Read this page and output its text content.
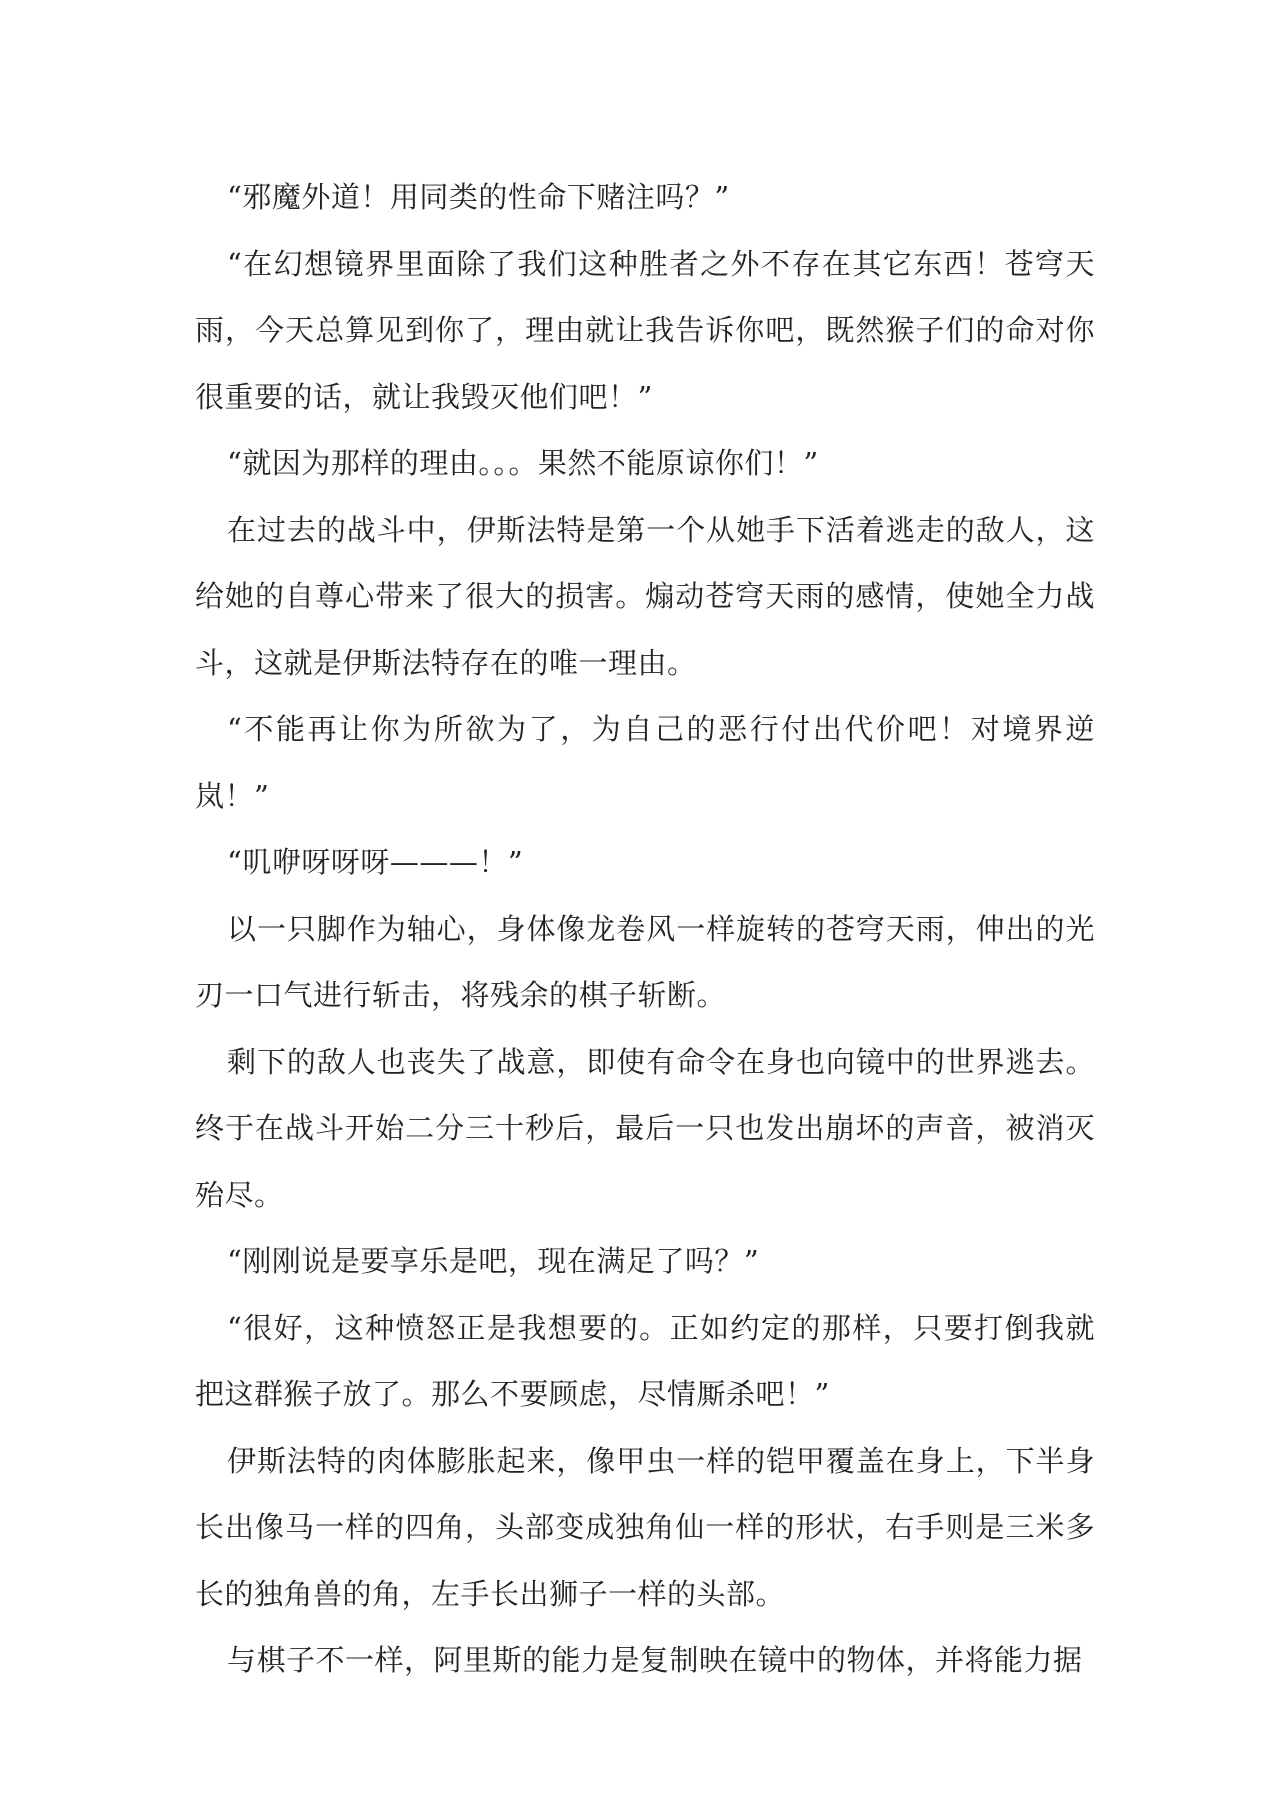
“邪魔外道！用同类的性命下赌注吗？”

“在幻想镜界里面除了我们这种胜者之外不存在其它东西！苍穹天雨，今天总算见到你了，理由就让我告诉你吧，既然猴子们的命对你很重要的话，就让我毁灭他们吧！”

“就因为那样的理由。。。果然不能原谅你们！”

在过去的战斗中，伊斯法特是第一个从她手下活着逃走的敌人，这给她的自尊心带来了很大的损害。煽动苍穹天雨的感情，使她全力战斗，这就是伊斯法特存在的唯一理由。

“不能再让你为所欲为了，为自己的恶行付出代价吧！对境界逆岚！”

“叽咿呀呀呀———！”

以一只脚作为轴心，身体像龙卷风一样旋转的苍穹天雨，伸出的光刃一口气进行斩击，将残余的棋子斩断。

剩下的敌人也丧失了战意，即使有命令在身也向镜中的世界逃去。终于在战斗开始二分三十秒后，最后一只也发出崩坏的声音，被消灭殆尽。

“刚刚说是要享乐是吧，现在满足了吗？”

“很好，这种愤怒正是我想要的。正如约定的那样，只要打倒我就把这群猴子放了。那么不要顾虑，尽情厮杀吧！”

伊斯法特的肉体膨胀起来，像甲虫一样的铠甲覆盖在身上，下半身长出像马一样的四角，头部变成独角仙一样的形状，右手则是三米多长的独角兽的角，左手长出狮子一样的头部。

与棋子不一样，阿里斯的能力是复制映在镜中的物体，并将能力据
